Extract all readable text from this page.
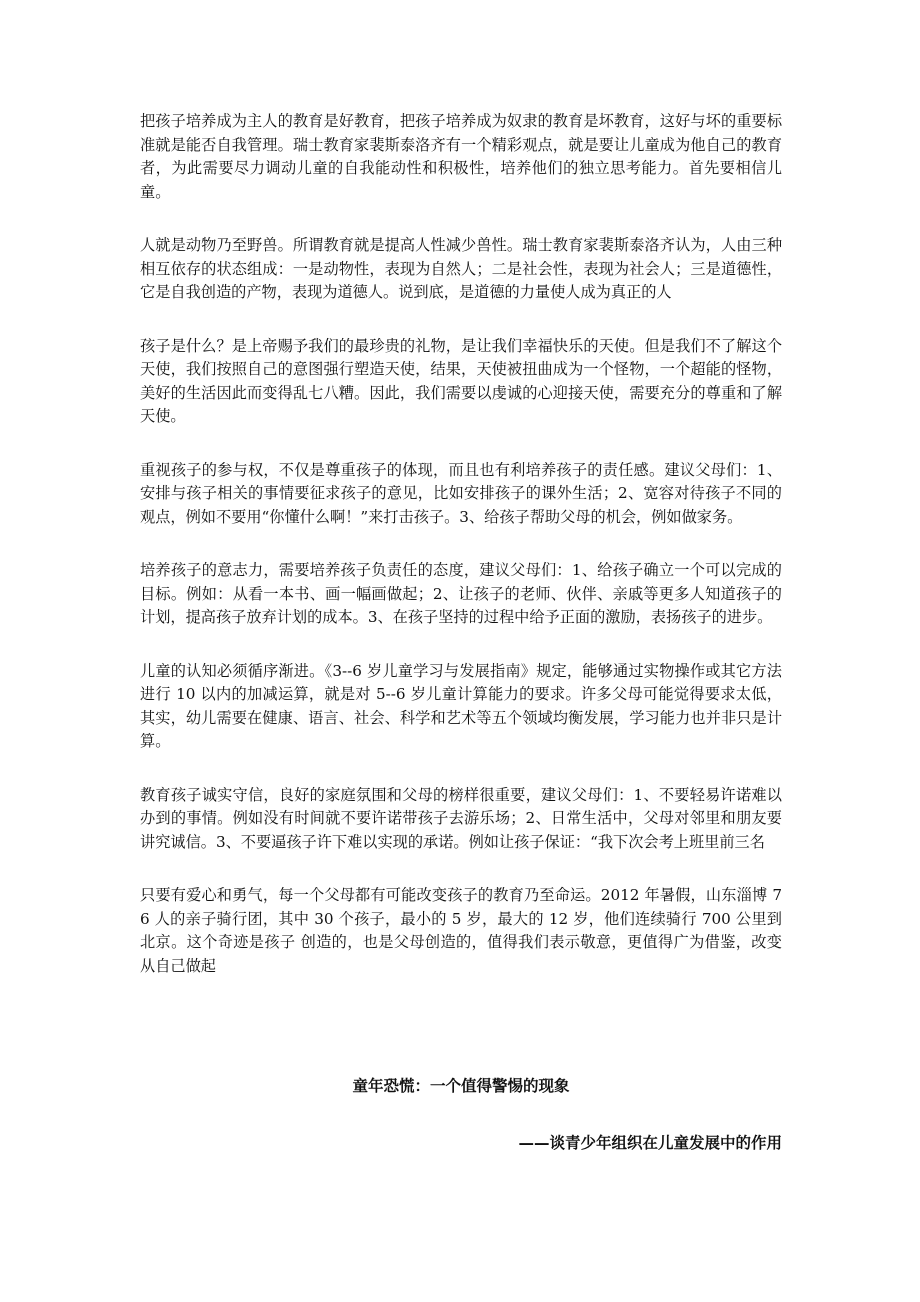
把孩子培养成为主人的教育是好教育，把孩子培养成为奴隶的教育是坏教育，这好与坏的重要标准就是能否自我管理。瑞士教育家裴斯泰洛齐有一个精彩观点，就是要让儿童成为他自己的教育者，为此需要尽力调动儿童的自我能动性和积极性，培养他们的独立思考能力。首先要相信儿童。

人就是动物乃至野兽。所谓教育就是提高人性减少兽性。瑞士教育家裴斯泰洛齐认为，人由三种相互依存的状态组成：一是动物性，表现为自然人；二是社会性，表现为社会人；三是道德性，它是自我创造的产物，表现为道德人。说到底，是道德的力量使人成为真正的人

孩子是什么？是上帝赐予我们的最珍贵的礼物，是让我们幸福快乐的天使。但是我们不了解这个天使，我们按照自己的意图强行塑造天使，结果，天使被扭曲成为一个怪物，一个超能的怪物，美好的生活因此而变得乱七八糟。因此，我们需要以虔诚的心迎接天使，需要充分的尊重和了解天使。

重视孩子的参与权，不仅是尊重孩子的体现，而且也有利培养孩子的责任感。建议父母们：1、安排与孩子相关的事情要征求孩子的意见，比如安排孩子的课外生活；2、宽容对待孩子不同的观点，例如不要用“你懂什么啊！”来打击孩子。3、给孩子帮助父母的机会，例如做家务。

培养孩子的意志力，需要培养孩子负责任的态度，建议父母们：1、给孩子确立一个可以完成的目标。例如：从看一本书、画一幅画做起；2、让孩子的老师、伙伴、亲戚等更多人知道孩子的计划，提高孩子放弃计划的成本。3、在孩子坚持的过程中给予正面的激励，表扬孩子的进步。

儿童的认知必须循序渐进。《3--6 岁儿童学习与发展指南》规定，能够通过实物操作或其它方法进行 10 以内的加减运算，就是对 5--6 岁儿童计算能力的要求。许多父母可能觉得要求太低，其实，幼儿需要在健康、语言、社会、科学和艺术等五个领域均衡发展，学习能力也并非只是计算。

教育孩子诚实守信，良好的家庭氛围和父母的榜样很重要，建议父母们：1、不要轻易许诺难以办到的事情。例如没有时间就不要许诺带孩子去游乐场；2、日常生活中，父母对邻里和朋友要讲究诚信。3、不要逼孩子许下难以实现的承诺。例如让孩子保证：“我下次会考上班里前三名

只要有爱心和勇气，每一个父母都有可能改变孩子的教育乃至命运。2012 年暑假，山东淄博 76 人的亲子骑行团，其中 30 个孩子，最小的 5 岁，最大的 12 岁，他们连续骑行 700 公里到北京。这个奇迹是孩子 创造的，也是父母创造的，值得我们表示敬意，更值得广为借鉴，改变从自己做起

童年恐慌：一个值得警惕的现象
——谈青少年组织在儿童发展中的作用
